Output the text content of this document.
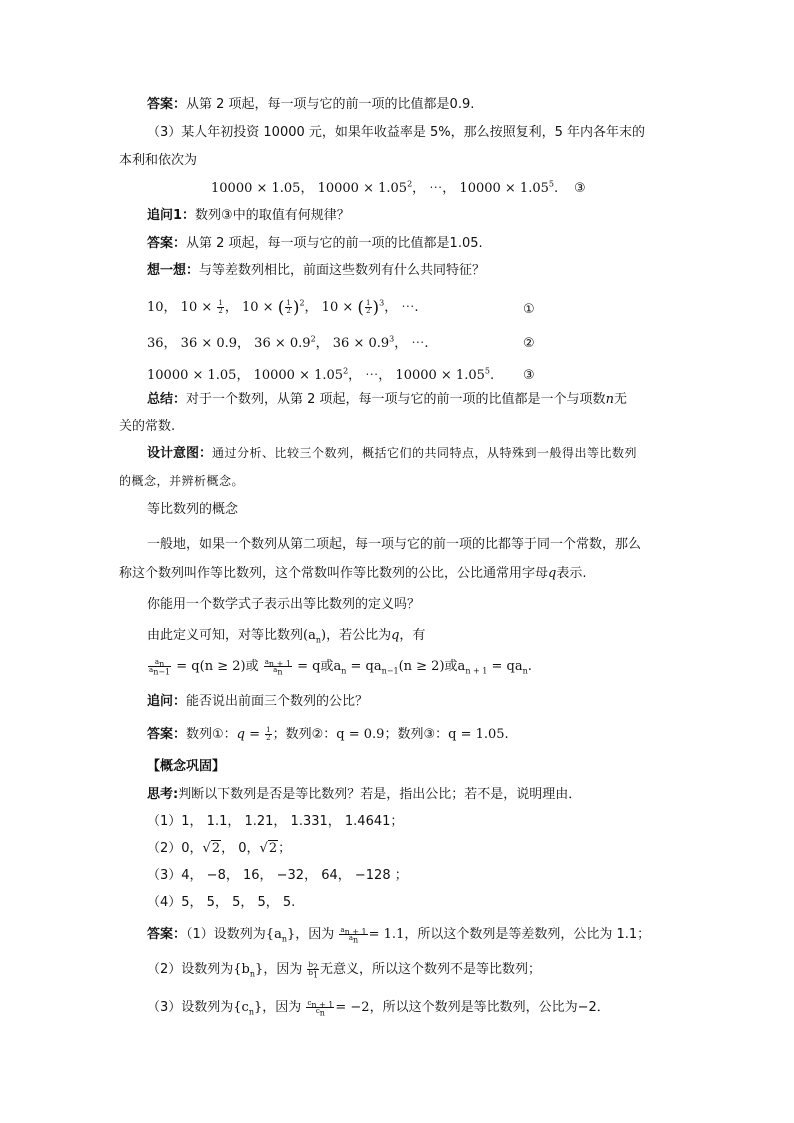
答案：从第 2 项起，每一项与它的前一项的比值都是0.9.
（3）某人年初投资 10000 元，如果年收益率是 5%，那么按照复利，5 年内各年末的
本利和依次为
10000 × 1.05， $10000 \times 1.05^2$， ⋯， $10000 \times 1.05^5$. ③
追问1：数列③中的取值有何规律？
答案：从第 2 项起，每一项与它的前一项的比值都是1.05.
想一想：与等差数列相比，前面这些数列有什么共同特征？
10， $10 \times \frac{1}{2}$ ， 10 × ( $\frac{1}{2} )^2$， 10 × ( $\frac{1}{2} )^3$， ⋯.	①
36， 36 × 0.9， $36 \times 0.9^2$， $36 \times 0.9^3$， ⋯.	②
10000 × 1.05， $10000 \times 1.05^2$， ⋯， $10000 \times 1.05^5$. ③
总结：对于一个数列，从第 2 项起，每一项与它的前一项的比值都是一个与项数n无
关的常数.
设计意图：通过分析、比较三个数列，概括它们的共同特点，从特殊到一般得出等比数列
的概念，并辨析概念。
等比数列的概念
一般地，如果一个数列从第二项起，每一项与它的前一项的比都等于同一个常数，那么
称这个数列叫作等比数列，这个常数叫作等比数列的公比，公比通常用字母q表示.
你能用一个数学式子表示出等比数列的定义吗？
由此定义可知，对等比数列$(a_n)$，若公比为q，有
$\frac{a_n}{a_{n-1}} = q(n \ge 2)$或 $\frac{a_{n + 1}}{a_n} = q$或$a_n = qa_{n-1}(n \ge 2)$或$a_{n + 1} = qa_n$.
追问：能否说出前面三个数列的公比？
答案：数列①：$q = \frac{1}{2}$ ；数列②：q = 0.9；数列③：q = 1.05.
【概念巩固】
思考:判断以下数列是否是等比数列？若是，指出公比；若不是，说明理由．
（1）1， 1.1， 1.21， 1.331， 1.4641；
（2）0，√2， 0，√2；
（3）4， −8， 16， −32， 64， −128 ；
（4）5， 5， 5， 5， 5.
答案：（1）设数列为$\{a_n\}$，因为 $\frac{a_{n + 1}}{a_n} = 1.1$，所以这个数列是等差数列，公比为 1.1；
（2）设数列为$\{b_n\}$，因为 $\frac{b_2}{b_1}$ 无意义，所以这个数列不是等比数列；
（3）设数列为$\{c_n\}$，因为 $\frac{c_{n + 1}}{c_n} = -2$，所以这个数列是等比数列，公比为−2．
